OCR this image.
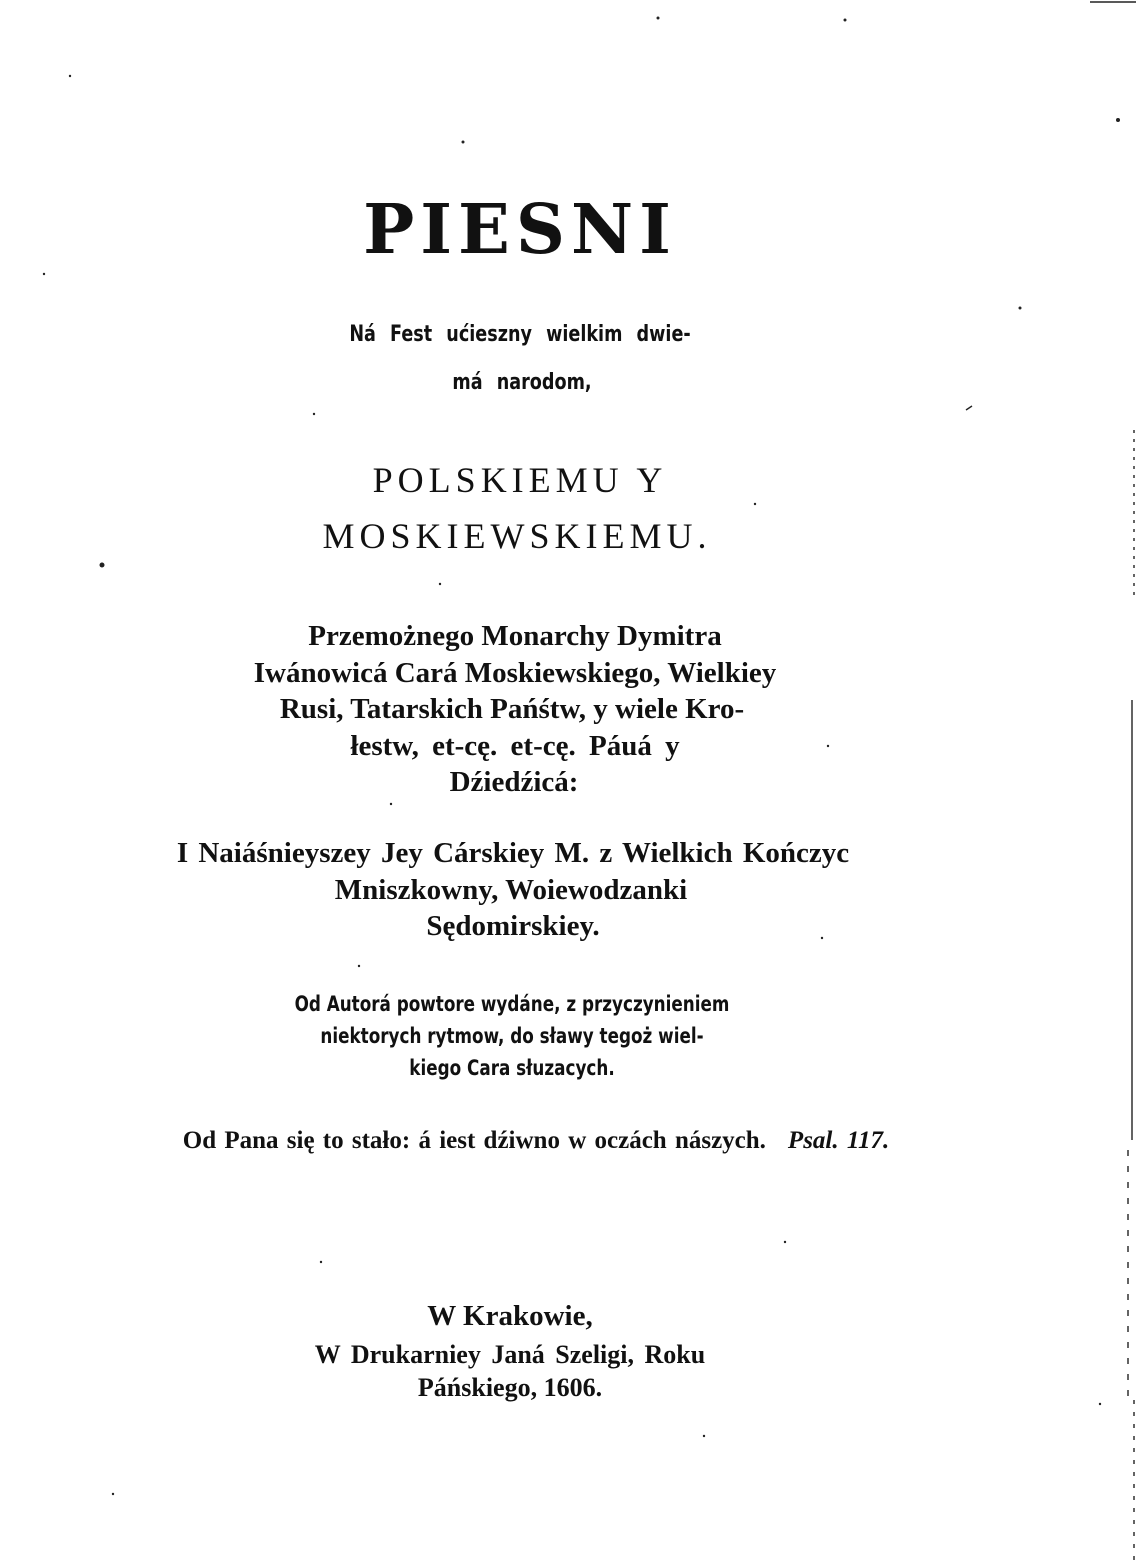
PIESNI
Ná Fest ućieszny wielkim dwie-
má narodom,
POLSKIEMU Y
MOSKIEWSKIEMU.
Przemożnego Monarchy Dymitra
Iwánowicá Cará Moskiewskiego, Wielkiey
Rusi, Tatarskich Pańśtw, y wiele Kro-
łestw, et-cę. et-cę. Páuá y
Dźiedźicá:
I Naiáśnieyszey Jey Cárskiey M. z Wielkich Kończyc
Mniszkowny, Woiewodzanki
Sędomirskiey.
Od Autorá powtore wydáne, z przyczynieniem
niektorych rytmow, do sławy tegoż wiel-
kiego Cara słuzacych.
Od Pana się to stało: á iest dźiwno w oczách nászych. Psal. 117.
W Krakowie,
W Drukarniey Janá Szeligi, Roku
Páńskiego, 1606.
